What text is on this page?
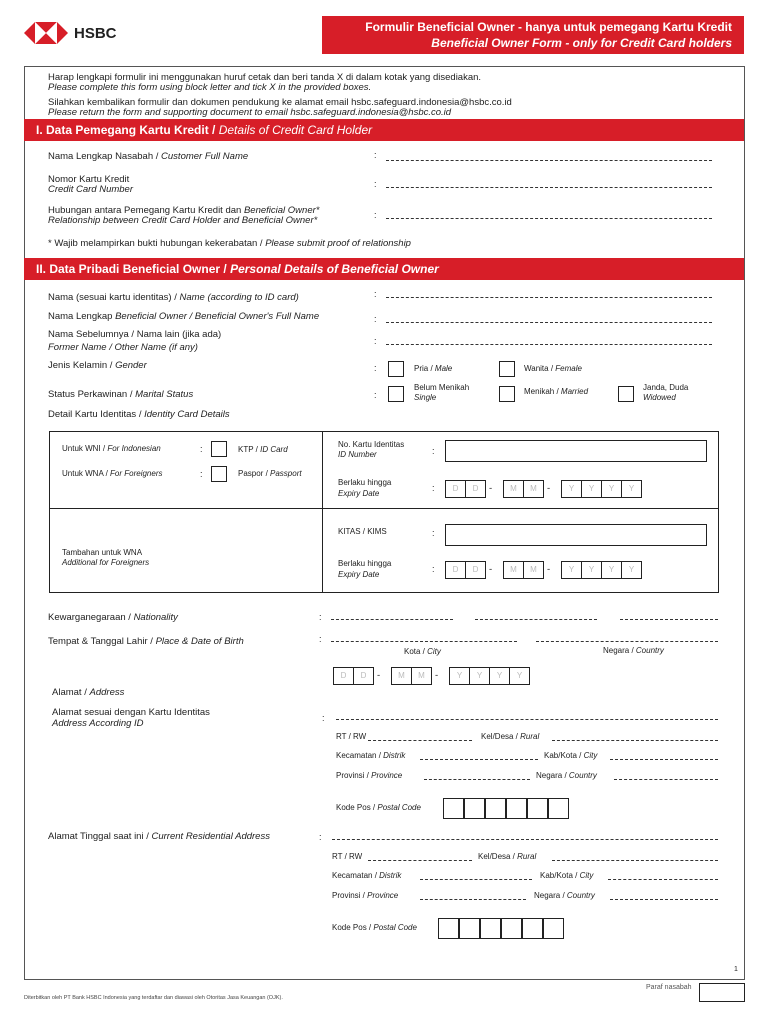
HSBC	Formulir Beneficial Owner - hanya untuk pemegang Kartu Kredit
Beneficial Owner Form - only for Credit Card holders
Harap lengkapi formulir ini menggunakan huruf cetak dan beri tanda X di dalam kotak yang disediakan.
Please complete this form using block letter and tick X in the provided boxes.
Silahkan kembalikan formulir dan dokumen pendukung ke alamat email hsbc.safeguard.indonesia@hsbc.co.id
Please return the form and supporting document to email hsbc.safeguard.indonesia@hsbc.co.id
I. Data Pemegang Kartu Kredit / Details of Credit Card Holder
Nama Lengkap Nasabah / Customer Full Name	:
Nomor Kartu Kredit
Credit Card Number	:
Hubungan antara Pemegang Kartu Kredit dan Beneficial Owner*
Relationship between Credit Card Holder and Beneficial Owner*	:
* Wajib melampirkan bukti hubungan kekerabatan / Please submit proof of relationship
II. Data Pribadi Beneficial Owner / Personal Details of Beneficial Owner
Nama (sesuai kartu identitas) / Name (according to ID card)	:
Nama Lengkap Beneficial Owner / Beneficial Owner's Full Name	:
Nama Sebelumnya / Nama lain (jika ada)
Former Name / Other Name (if any)
:
Jenis Kelamin / Gender	:	Pria / Male	Wanita / Female
Status Perkawinan / Marital Status	:
Belum Menikah
Single
Menikah / Married	Janda, Duda
Widowed
Detail Kartu Identitas / Identity Card Details
Untuk WNI / For Indonesian	:	KTP / ID Card
Untuk WNA / For Foreigners	:	Paspor / Passport
No. Kartu Identitas
ID Number	:
Berlaku hingga
Expiry Date
:	D	D	-	M	M	-	Y	Y	Y	Y
Tambahan untuk WNA
Additional for Foreigners
KITAS / KIMS	:
Berlaku hingga
Expiry Date
:	D	D	-	M	M	-	Y	Y	Y	Y
Kewarganegaraan / Nationality	:
Tempat & Tanggal Lahir / Place & Date of Birth	:
Kota / City	Negara / Country
D	D	-	M	M	-	Y	Y	Y	Y
Alamat / Address
Alamat sesuai dengan Kartu Identitas
Address According ID	:
RT / RW	Kel/Desa / Rural
Kecamatan / Distrik	Kab/Kota / City
Provinsi / Province	Negara / Country
Kode Pos / Postal Code
Alamat Tinggal saat ini / Current Residential Address	:
RT / RW	Kel/Desa / Rural
Kecamatan / Distrik	Kab/Kota / City
Provinsi / Province	Negara / Country
Kode Pos / Postal Code
1
Paraf nasabah
Diterbitkan oleh PT Bank HSBC Indonesia yang terdaftar dan diawasi oleh Otoritas Jasa Keuangan (OJK).
